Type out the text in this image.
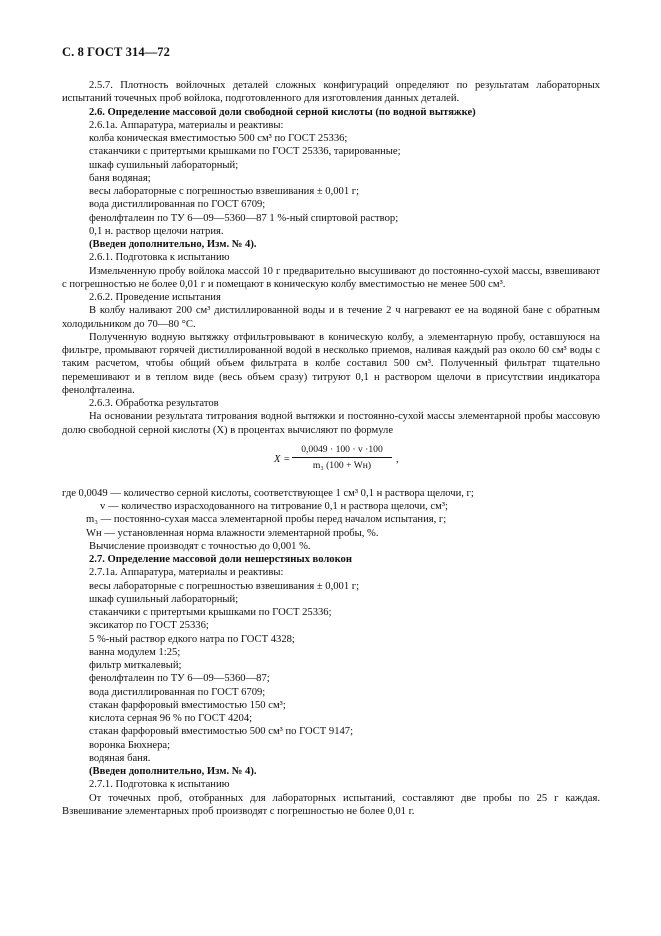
С. 8 ГОСТ 314—72

2.5.7. Плотность войлочных деталей сложных конфигураций определяют по результатам лабораторных испытаний точечных проб войлока, подготовленного для изготовления данных деталей.

2.6. Определение массовой доли свободной серной кислоты (по водной вытяжке)

2.6.1а. Аппаратура, материалы и реактивы:

колба коническая вместимостью 500 см³ по ГОСТ 25336;

стаканчики с притертыми крышками по ГОСТ 25336, тарированные;

шкаф сушильный лабораторный;

баня водяная;

весы лабораторные с погрешностью взвешивания ± 0,001 г;

вода дистиллированная по ГОСТ 6709;

фенолфталеин по ТУ 6—09—5360—87 1 %-ный спиртовой раствор;

0,1 н. раствор щелочи натрия.

(Введен дополнительно, Изм. № 4).

2.6.1. Подготовка к испытанию

Измельченную пробу войлока массой 10 г предварительно высушивают до постоянно-сухой массы, взвешивают с погрешностью не более 0,01 г и помещают в коническую колбу вместимостью не менее 500 см³.

2.6.2. Проведение испытания

В колбу наливают 200 см³ дистиллированной воды и в течение 2 ч нагревают ее на водяной бане с обратным холодильником до 70—80 °С.

Полученную водную вытяжку отфильтровывают в коническую колбу, а элементарную пробу, оставшуюся на фильтре, промывают горячей дистиллированной водой в несколько приемов, наливая каждый раз около 60 см³ воды с таким расчетом, чтобы общий объем фильтрата в колбе составил 500 см³. Полученный фильтрат тщательно перемешивают и в теплом виде (весь объем сразу) титруют 0,1 н раствором щелочи в присутствии индикатора фенолфталеина.

2.6.3. Обработка результатов

На основании результата титрования водной вытяжки и постоянно-сухой массы элементарной пробы массовую долю свободной серной кислоты (X) в процентах вычисляют по формуле

X =
0,0049 · 100 · v ·100
m₃ (100 + Wн)
,

где 0,0049 — количество серной кислоты, соответствующее 1 см³ 0,1 н раствора щелочи, г;

v — количество израсходованного на титрование 0,1 н раствора щелочи, см³;

m₃ — постоянно-сухая масса элементарной пробы перед началом испытания, г;

Wн — установленная норма влажности элементарной пробы, %.

Вычисление производят с точностью до 0,001 %.

2.7. Определение массовой доли нешерстяных волокон

2.7.1а. Аппаратура, материалы и реактивы:

весы лабораторные с погрешностью взвешивания ± 0,001 г;

шкаф сушильный лабораторный;

стаканчики с притертыми крышками по ГОСТ 25336;

эксикатор по ГОСТ 25336;

5 %-ный раствор едкого натра по ГОСТ 4328;

ванна модулем 1:25;

фильтр миткалевый;

фенолфталеин по ТУ 6—09—5360—87;

вода дистиллированная по ГОСТ 6709;

стакан фарфоровый вместимостью 150 см³;

кислота серная 96 % по ГОСТ 4204;

стакан фарфоровый вместимостью 500 см³ по ГОСТ 9147;

воронка Бюхнера;

водяная баня.

(Введен дополнительно, Изм. № 4).

2.7.1. Подготовка к испытанию

От точечных проб, отобранных для лабораторных испытаний, составляют две пробы по 25 г каждая. Взвешивание элементарных проб производят с погрешностью не более 0,01 г.
